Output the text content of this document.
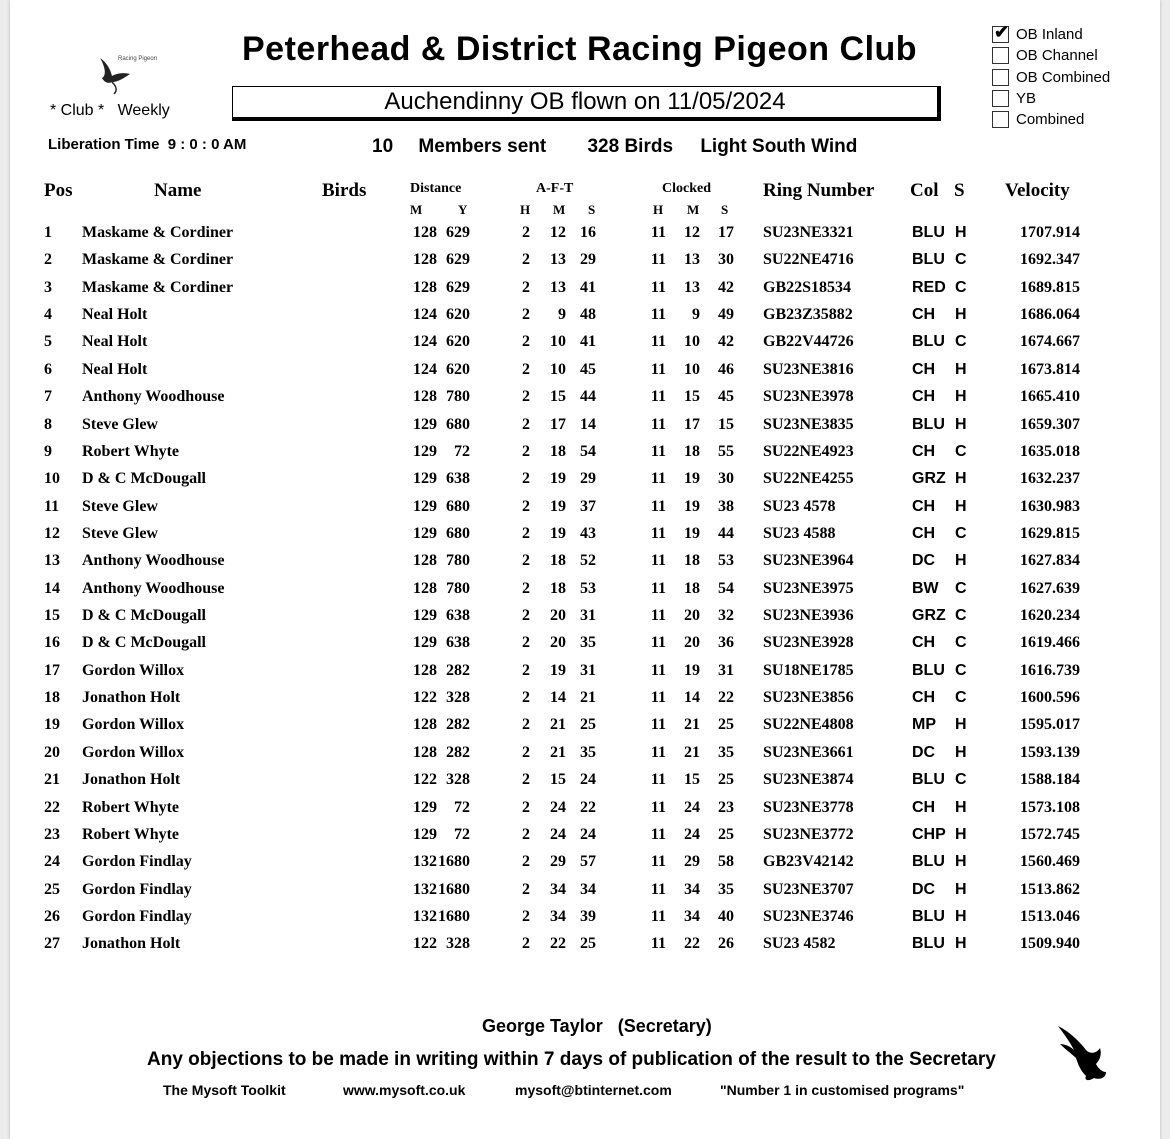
Racing Pigeon
* Club *   Weekly
Peterhead & District Racing Pigeon Club
Auchendinny OB flown on 11/05/2024
✔ OB Inland
OB Channel
OB Combined
YB
Combined
Liberation Time  9 : 0 : 0 AM	10 Members sent 328 Birds Light South Wind
Pos	Name	Birds	Distance
M	Y
A-F-T
H M S
Clocked
H M S
Ring Number Col S Velocity
1	Maskame & Cordiner	128 629	2	12 16	11	12	17 SU23NE3321	BLU H	1707.914
2	Maskame & Cordiner	128 629	2	13 29	11	13	30 SU22NE4716	BLU C	1692.347
3	Maskame & Cordiner	128 629	2	13 41	11	13	42 GB22S18534	RED C	1689.815
4	Neal Holt	124 620	2	9 48	11	9	49 GB23Z35882	CH	H	1686.064
5	Neal Holt	124 620	2	10 41	11	10	42 GB22V44726	BLU C	1674.667
6	Neal Holt	124 620	2	10 45	11	10	46 SU23NE3816	CH	H	1673.814
7	Anthony Woodhouse	128 780	2	15 44	11	15	45 SU23NE3978	CH	H	1665.410
8	Steve Glew	129 680	2	17 14	11	17	15 SU23NE3835	BLU H	1659.307
9	Robert Whyte	129	72	2	18 54	11	18	55 SU22NE4923	CH	C	1635.018
10	D & C McDougall	129 638	2	19 29	11	19	30 SU22NE4255	GRZ H	1632.237
11	Steve Glew	129 680	2	19 37	11	19	38 SU23 4578	CH	H	1630.983
12	Steve Glew	129 680	2	19 43	11	19	44 SU23 4588	CH	C	1629.815
13	Anthony Woodhouse	128 780	2	18 52	11	18	53 SU23NE3964	DC	H	1627.834
14	Anthony Woodhouse	128 780	2	18 53	11	18	54 SU23NE3975	BW	C	1627.639
15	D & C McDougall	129 638	2	20 31	11	20	32 SU23NE3936	GRZ C	1620.234
16	D & C McDougall	129 638	2	20 35	11	20	36 SU23NE3928	CH	C	1619.466
17	Gordon Willox	128 282	2	19 31	11	19	31 SU18NE1785	BLU C	1616.739
18	Jonathon Holt	122 328	2	14 21	11	14	22 SU23NE3856	CH	C	1600.596
19	Gordon Willox	128 282	2	21 25	11	21	25 SU22NE4808	MP	H	1595.017
20	Gordon Willox	128 282	2	21 35	11	21	35 SU23NE3661	DC	H	1593.139
21	Jonathon Holt	122 328	2	15 24	11	15	25 SU23NE3874	BLU C	1588.184
22	Robert Whyte	129	72	2	24 22	11	24	23 SU23NE3778	CH	H	1573.108
23	Robert Whyte	129	72	2	24 24	11	24	25 SU23NE3772	CHP H	1572.745
24	Gordon Findlay	132 1680	2	29 57	11	29	58 GB23V42142	BLU H	1560.469
25	Gordon Findlay	132 1680	2	34 34	11	34	35 SU23NE3707	DC	H	1513.862
26	Gordon Findlay	132 1680	2	34 39	11	34	40 SU23NE3746	BLU H	1513.046
27	Jonathon Holt	122 328	2	22 25	11	22	26 SU23 4582	BLU H	1509.940
George Taylor   (Secretary)
Any objections to be made in writing within 7 days of publication of the result to the Secretary
The Mysoft Toolkit	www.mysoft.co.uk	mysoft@btinternet.com	"Number 1 in customised programs"
